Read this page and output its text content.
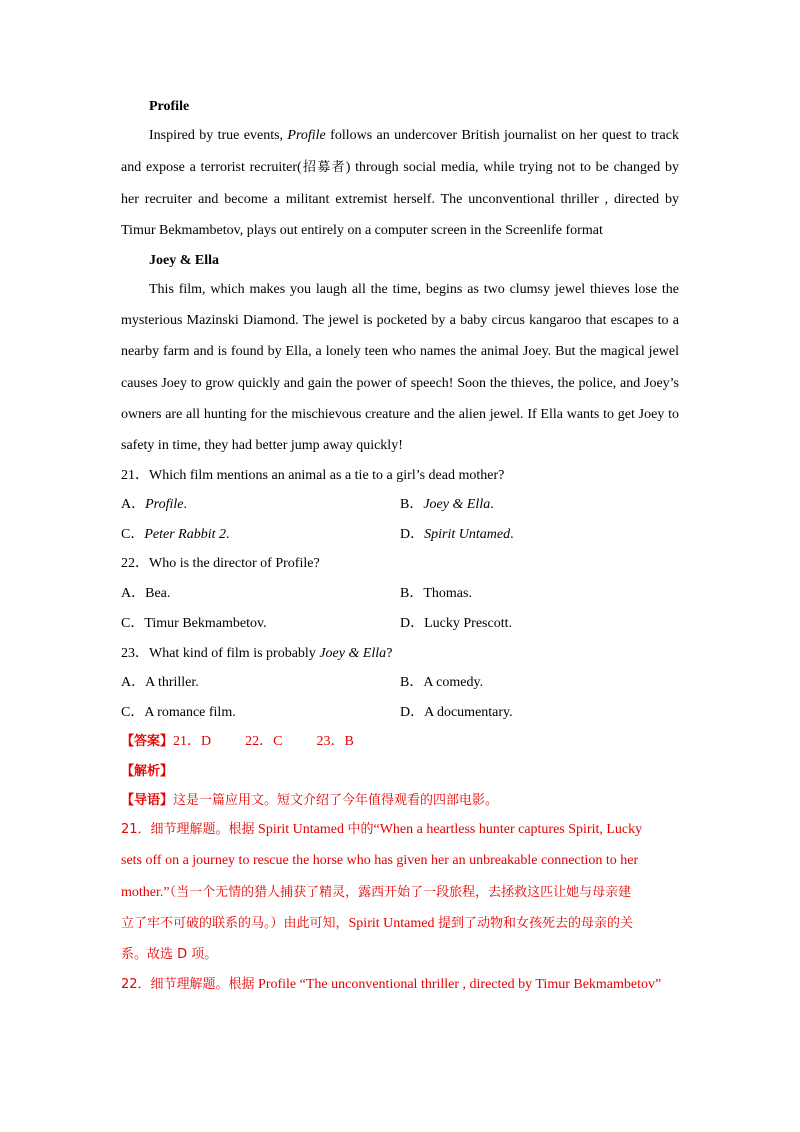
Profile
Inspired by true events, Profile follows an undercover British journalist on her quest to track
and expose a terrorist recruiter(招募者) through social media, while trying not to be changed by
her recruiter and become a militant extremist herself. The unconventional thriller , directed by
Timur Bekmambetov, plays out entirely on a computer screen in the Screenlife format
Joey & Ella
This film, which makes you laugh all the time, begins as two clumsy jewel thieves lose the
mysterious Mazinski Diamond. The jewel is pocketed by a baby circus kangaroo that escapes to a
nearby farm and is found by Ella, a lonely teen who names the animal Joey. But the magical jewel
causes Joey to grow quickly and gain the power of speech! Soon the thieves, the police, and Joey’s
owners are all hunting for the mischievous creature and the alien jewel. If Ella wants to get Joey to
safety in time, they had better jump away quickly!
21．Which film mentions an animal as a tie to a girl’s dead mother?
A．Profile.	B．Joey & Ella.
C．Peter Rabbit 2.	D．Spirit Untamed.
22．Who is the director of Profile?
A．Bea.	B．Thomas.
C．Timur Bekmambetov.	D．Lucky Prescott.
23．What kind of film is probably Joey & Ella?
A．A thriller.	B．A comedy.
C．A romance film.	D．A documentary.
【答案】21．D 22．C 23．B
【解析】
【导语】这是一篇应用文。短文介绍了今年值得观看的四部电影。
21．细节理解题。根据 Spirit Untamed 中的“When a heartless hunter captures Spirit, Lucky
sets off on a journey to rescue the horse who has given her an unbreakable connection to her
mother.”（当一个无情的猎人捕获了精灵，露西开始了一段旅程，去拯救这匹让她与母亲建
立了牢不可破的联系的马。）由此可知，Spirit Untamed 提到了动物和女孩死去的母亲的关
系。故选 D 项。
22．细节理解题。根据 Profile “The unconventional thriller , directed by Timur Bekmambetov”
